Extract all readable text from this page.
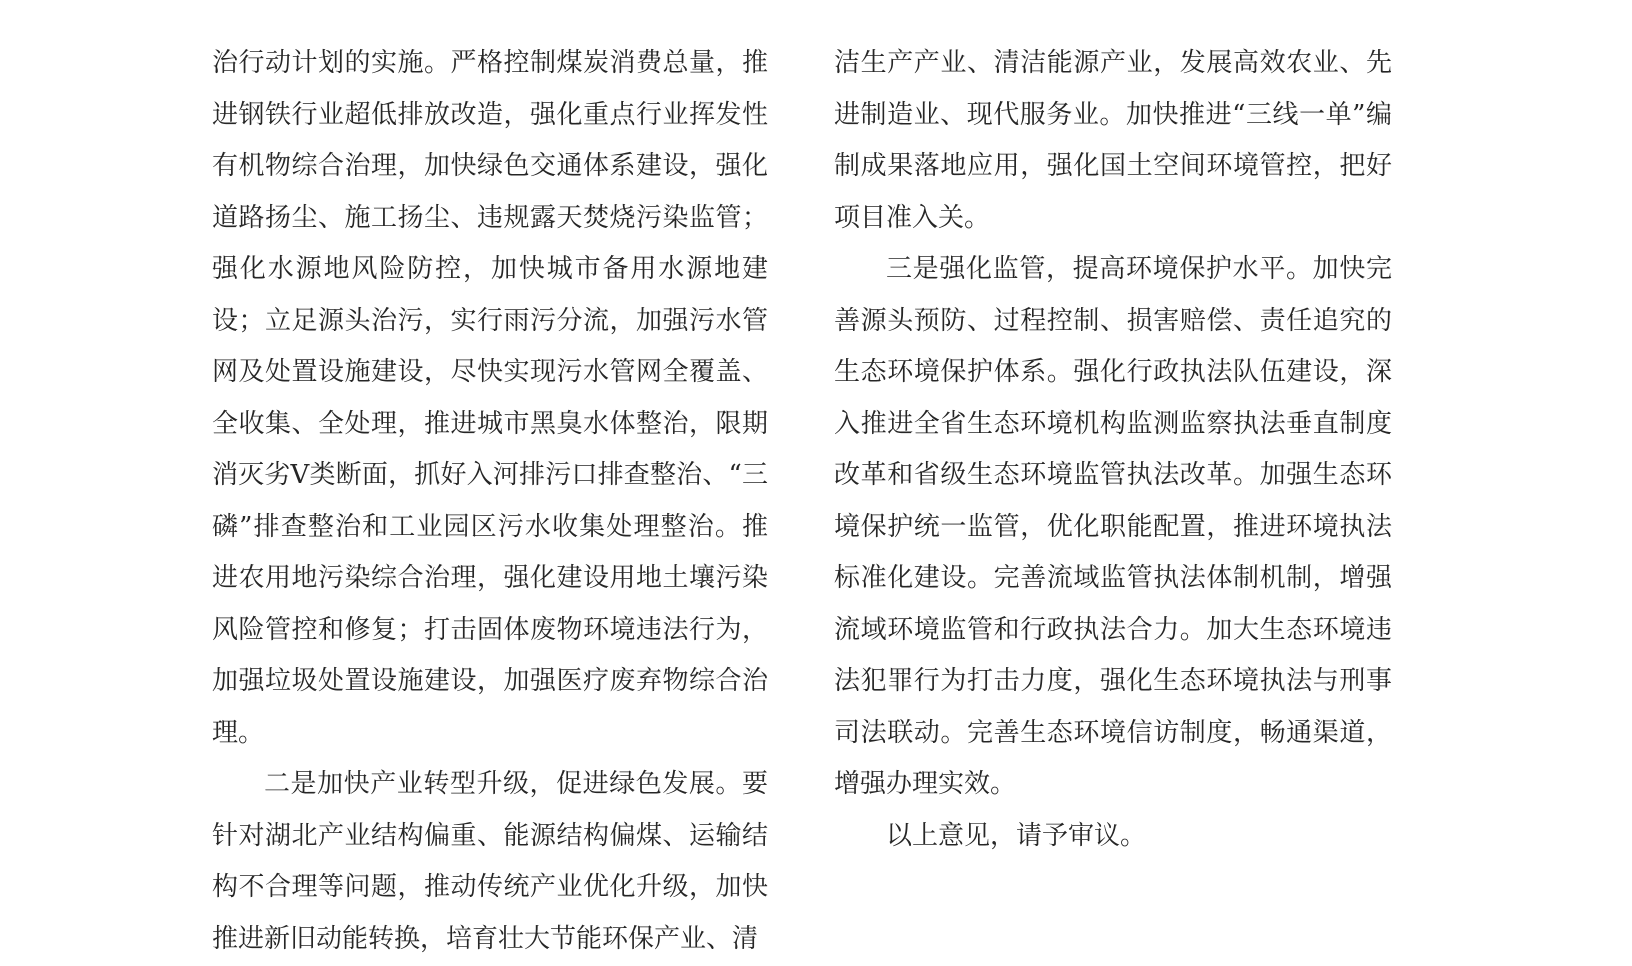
治行动计划的实施。严格控制煤炭消费总量，推进钢铁行业超低排放改造，强化重点行业挥发性有机物综合治理，加快绿色交通体系建设，强化道路扬尘、施工扬尘、违规露天焚烧污染监管；强化水源地风险防控，加快城市备用水源地建设；立足源头治污，实行雨污分流，加强污水管网及处置设施建设，尽快实现污水管网全覆盖、全收集、全处理，推进城市黑臭水体整治，限期消灭劣Ⅴ类断面，抓好入河排污口排查整治、“三磷”排查整治和工业园区污水收集处理整治。推进农用地污染综合治理，强化建设用地土壤污染风险管控和修复；打击固体废物环境违法行为，加强垃圾处置设施建设，加强医疗废弃物综合治理。

二是加快产业转型升级，促进绿色发展。要针对湖北产业结构偏重、能源结构偏煤、运输结构不合理等问题，推动传统产业优化升级，加快推进新旧动能转换，培育壮大节能环保产业、清

洁生产产业、清洁能源产业，发展高效农业、先进制造业、现代服务业。加快推进“三线一单”编制成果落地应用，强化国土空间环境管控，把好项目准入关。

三是强化监管，提高环境保护水平。加快完善源头预防、过程控制、损害赔偿、责任追究的生态环境保护体系。强化行政执法队伍建设，深入推进全省生态环境机构监测监察执法垂直制度改革和省级生态环境监管执法改革。加强生态环境保护统一监管，优化职能配置，推进环境执法标准化建设。完善流域监管执法体制机制，增强流域环境监管和行政执法合力。加大生态环境违法犯罪行为打击力度，强化生态环境执法与刑事司法联动。完善生态环境信访制度，畅通渠道，增强办理实效。

以上意见，请予审议。
